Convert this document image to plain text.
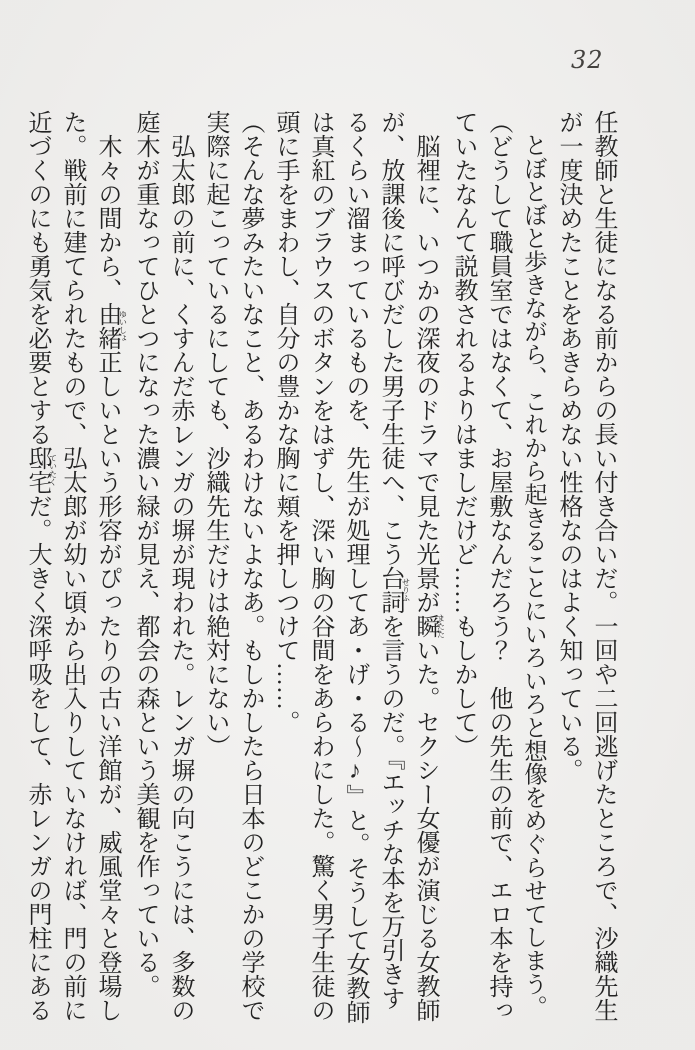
32

任教師と生徒になる前からの長い付き合いだ。一回や二回逃げたところで、沙織先生が一度決めたことをあきらめない性格なのはよく知っている。

とぼとぼと歩きながら、これから起きることにいろいろと想像をめぐらせてしまう。

（どうして職員室ではなくて、お屋敷なんだろう？　他の先生の前で、エロ本を持っていたなんて説教されるよりはましだけど……もしかして）

脳裡に、いつかの深夜のドラマで見た光景が瞬またたいた。セクシー女優が演じる女教師が、放課後に呼びだした男子生徒へ、こう台詞せりふを言うのだ。『エッチな本を万引きするくらい溜まっているものを、先生が処理してあ・げ・る～♪』と。そうして女教師は真紅のブラウスのボタンをはずし、深い胸の谷間をあらわにした。驚く男子生徒の頭に手をまわし、自分の豊かな胸に頬を押しつけて……。

（そんな夢みたいなこと、あるわけないよなあ。もしかしたら日本のどこかの学校で実際に起こっているにしても、沙織先生だけは絶対にない）

弘太郎の前に、くすんだ赤レンガの塀が現われた。レンガ塀の向こうには、多数の庭木が重なってひとつになった濃い緑が見え、都会の森という美観を作っている。

木々の間から、由緒ゆいしょ正しいという形容がぴったりの古い洋館が、威風堂々と登場した。戦前に建てられたもので、弘太郎が幼い頃から出入りしていなければ、門の前に近づくのにも勇気を必要とする邸宅ていたくだ。大きく深呼吸をして、赤レンガの門柱にある
